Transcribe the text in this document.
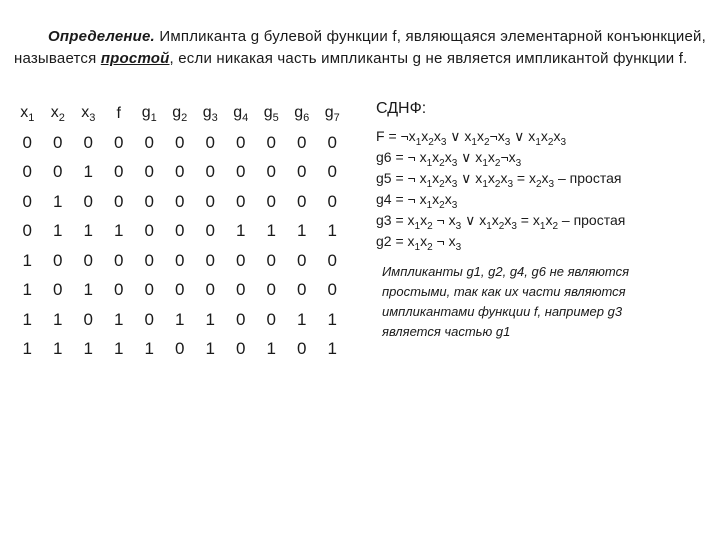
Определение. Импликанта g булевой функции f, являющаяся элементарной конъюнкцией, называется простой, если никакая часть импликанты g не является импликантой функции f.
$x_1$	$x_2$	$x_3$	f	$g_1$	$g_2$	$g_3$	$g_4$	$g_5$	$g_6$	$g_7$
0	0	0	0	0	0	0	0	0	0	0
0	0	1	0	0	0	0	0	0	0	0
0	1	0	0	0	0	0	0	0	0	0
0	1	1	1	0	0	0	1	1	1	1
1	0	0	0	0	0	0	0	0	0	0
1	0	1	0	0	0	0	0	0	0	0
1	1	0	1	0	1	1	0	0	1	1
1	1	1	1	1	0	1	0	1	0	1
СДНФ:
$F = \neg x_1x_2x_3$ ∨ $x_1x_2\neg x_3$ ∨ $x_1x_2x_3$
g6 = ¬ $x_1x_2x_3$ ∨ $x_1x_2\neg x_3$
g5 = ¬ $x_1x_2x_3$ ∨ $x_1x_2x_3 = x_2x_3$ – простая
g4 = ¬ $x_1x_2x_3$
$g3 = x_1x_2$ ¬ $x_3$ ∨ $x_1x_2x_3 = x_1x_2$ – простая
$g2 = x_1x_2$ ¬ $x_3$
Импликанты g1, g2, g4, g6 не являются простыми, так как их части являются импликантами функции f, например g3 является частью g1
